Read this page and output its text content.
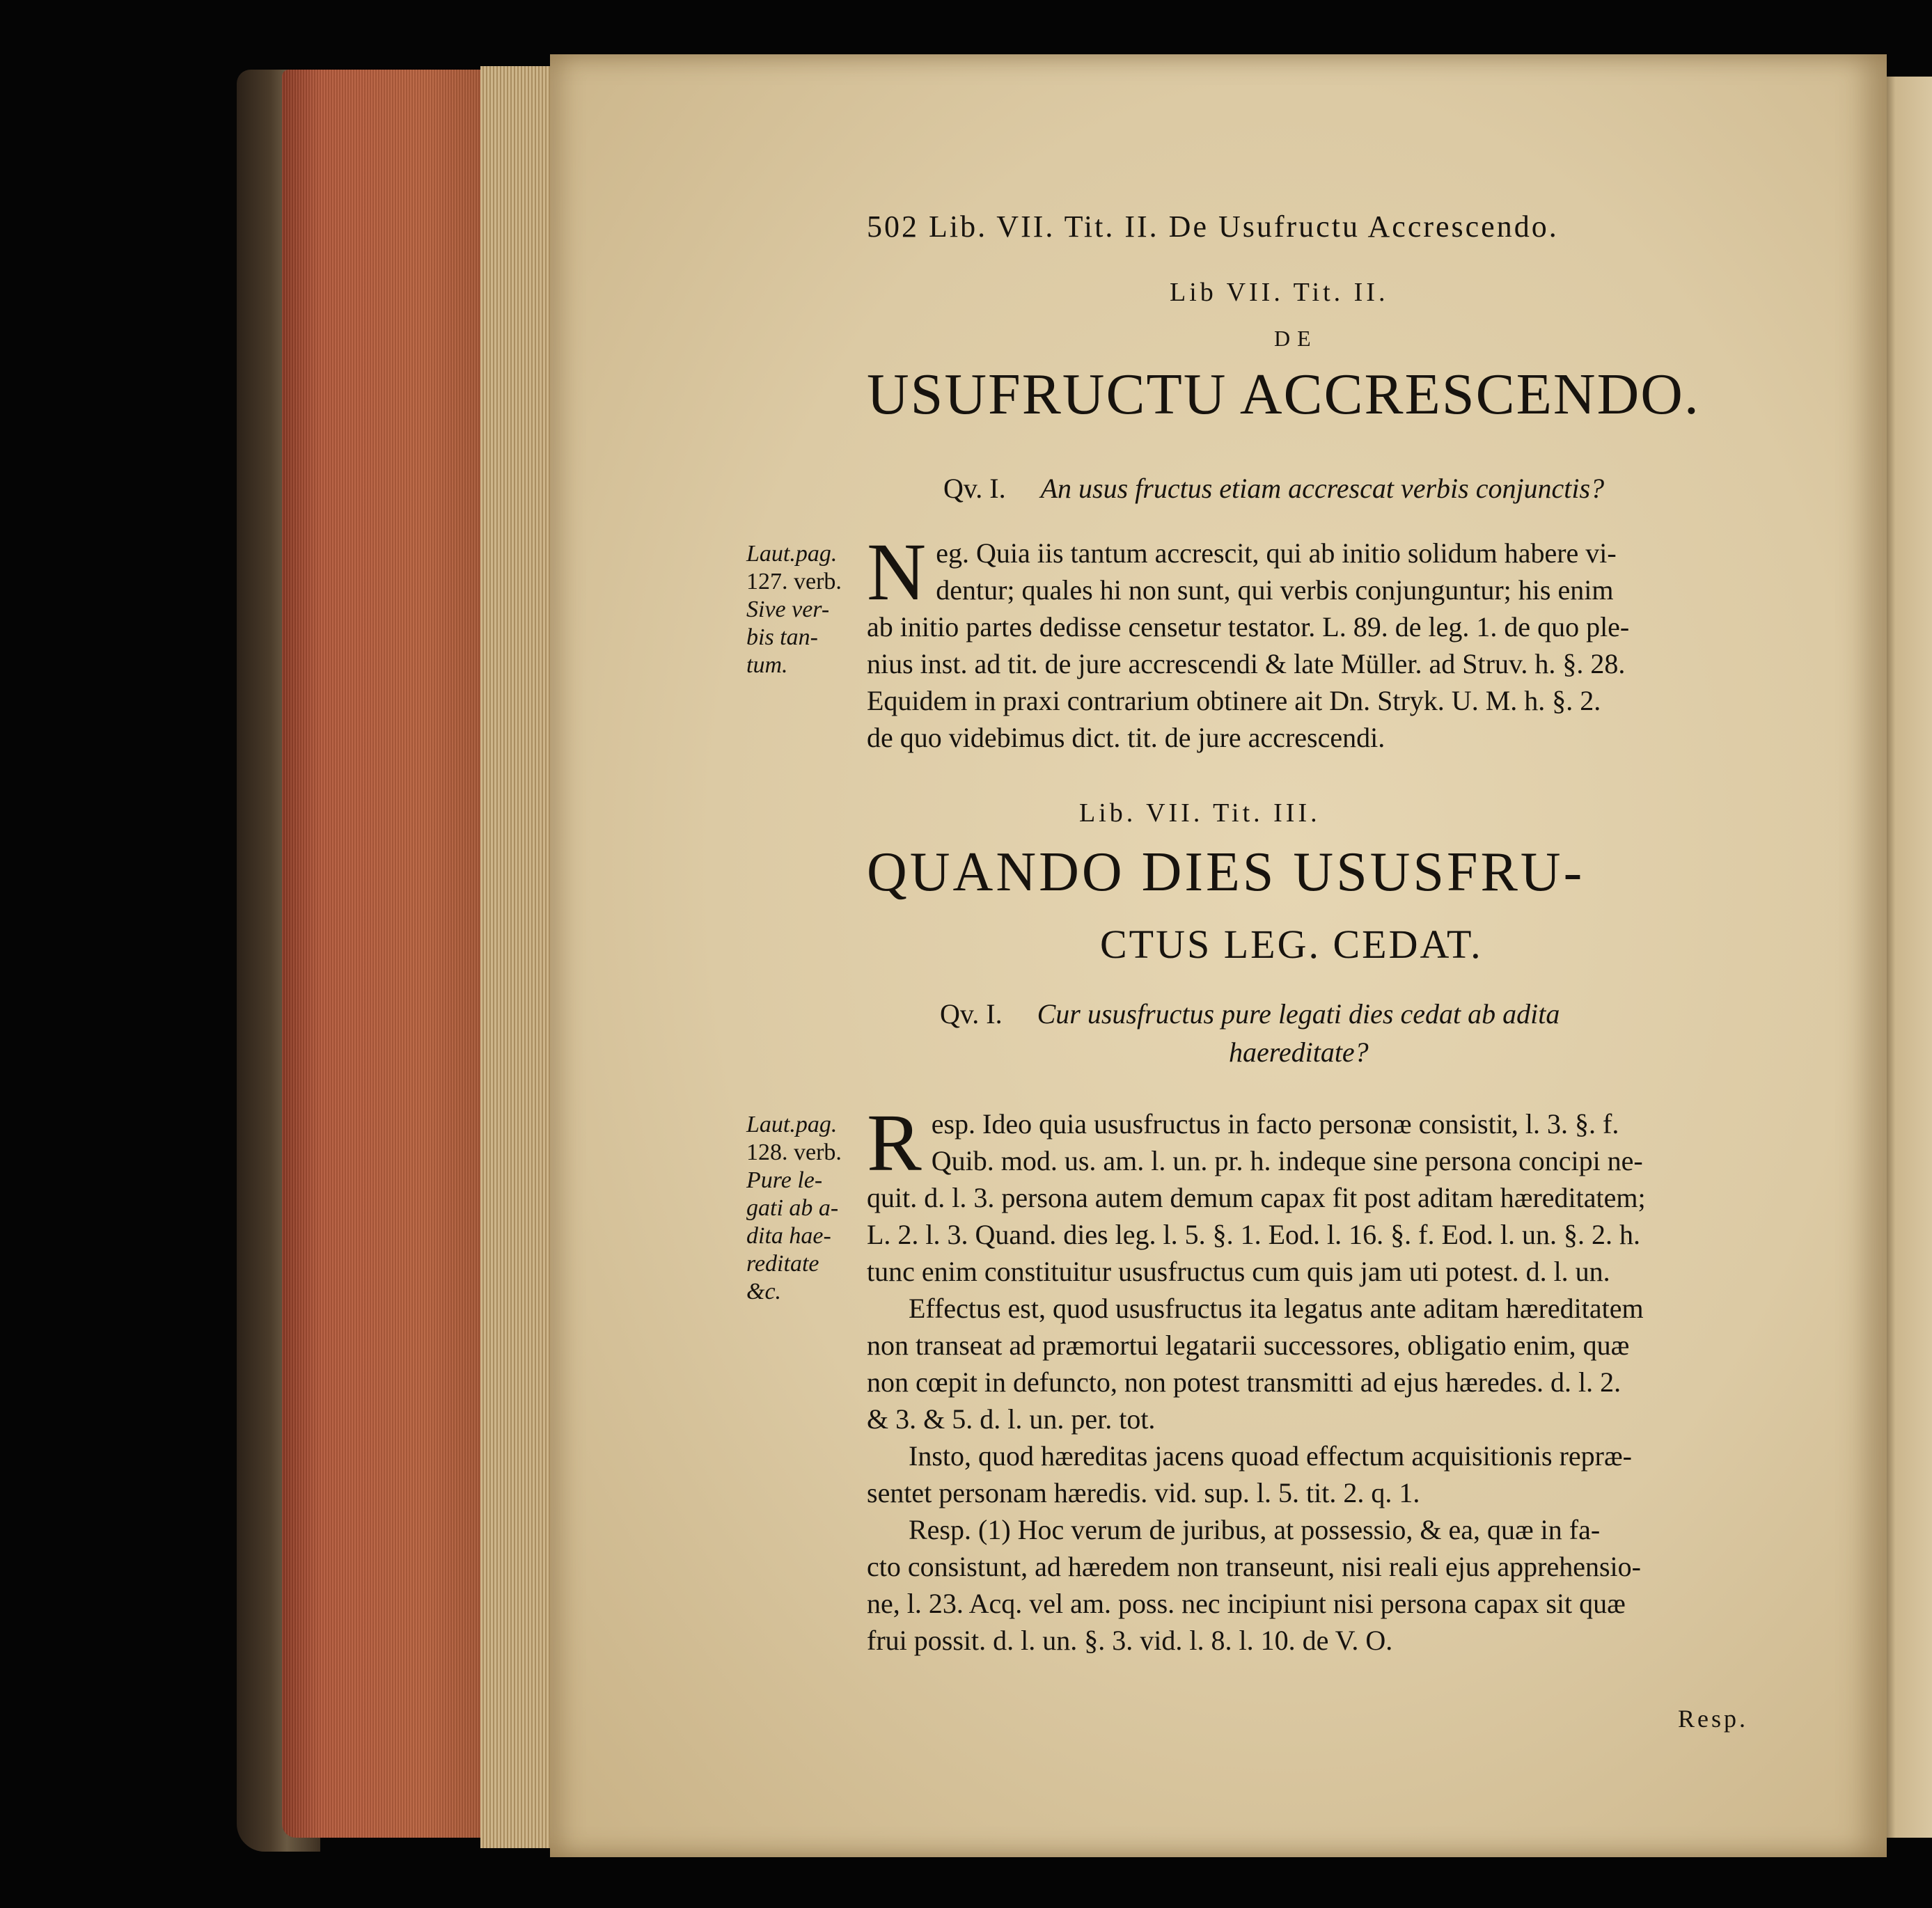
502 Lib. VII. Tit. II. De Usufructu Accrescendo.
Lib VII. Tit. II.
DE
USUFRUCTU ACCRESCENDO.
Qv. I. An usus fructus etiam accrescat verbis conjunctis?
Laut.pag.
127. verb.
Sive ver-
bis tan-
tum.
N eg. Quia iis tantum accrescit, qui ab initio solidum habere vi-
dentur; quales hi non sunt, qui verbis conjunguntur; his enim
ab initio partes dedisse censetur testator. L. 89. de leg. 1. de quo ple-
nius inst. ad tit. de jure accrescendi & late Müller. ad Struv. h. §. 28.
Equidem in praxi contrarium obtinere ait Dn. Stryk. U. M. h. §. 2.
de quo videbimus dict. tit. de jure accrescendi.
Lib. VII. Tit. III.
QUANDO DIES USUSFRU-
CTUS LEG. CEDAT.
Qv. I. Cur ususfructus pure legati dies cedat ab adita
haereditate?
Laut.pag.
128. verb.
Pure le-
gati ab a-
dita hae-
reditate
&c.
R esp. Ideo quia ususfructus in facto personæ consistit, l. 3. §. f.
Quib. mod. us. am. l. un. pr. h. indeque sine persona concipi ne-
quit. d. l. 3. persona autem demum capax fit post aditam hæreditatem;
L. 2. l. 3. Quand. dies leg. l. 5. §. 1. Eod. l. 16. §. f. Eod. l. un. §. 2. h.
tunc enim constituitur ususfructus cum quis jam uti potest. d. l. un.
Effectus est, quod ususfructus ita legatus ante aditam hæreditatem
non transeat ad præmortui legatarii successores, obligatio enim, quæ
non cœpit in defuncto, non potest transmitti ad ejus hæredes. d. l. 2.
& 3. & 5. d. l. un. per. tot.
Insto, quod hæreditas jacens quoad effectum acquisitionis repræ-
sentet personam hæredis. vid. sup. l. 5. tit. 2. q. 1.
Resp. (1) Hoc verum de juribus, at possessio, & ea, quæ in fa-
cto consistunt, ad hæredem non transeunt, nisi reali ejus apprehensio-
ne, l. 23. Acq. vel am. poss. nec incipiunt nisi persona capax sit quæ
frui possit. d. l. un. §. 3. vid. l. 8. l. 10. de V. O.
Resp.
